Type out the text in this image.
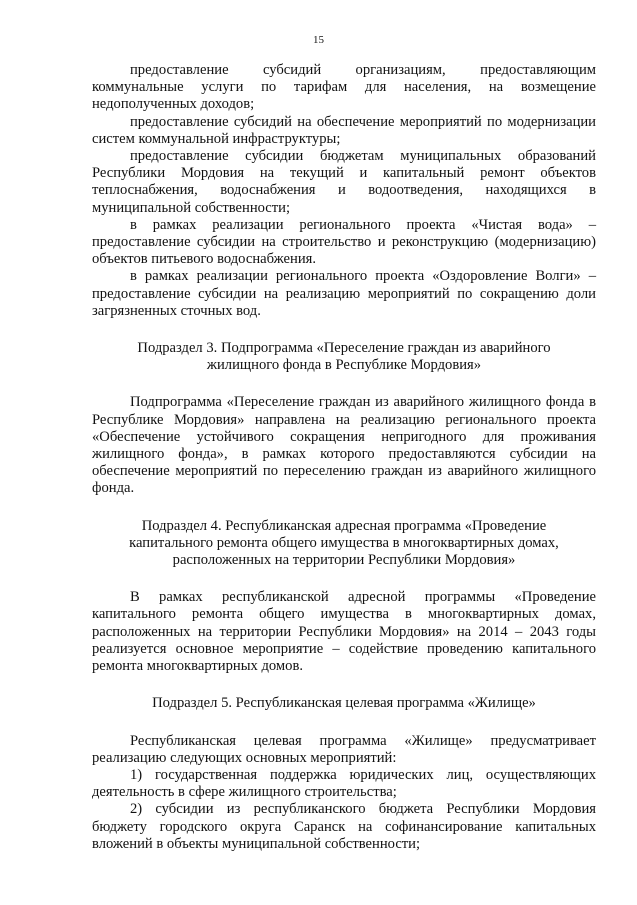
15

предоставление субсидий организациям, предоставляющим коммунальные услуги по тарифам для населения, на возмещение недополученных доходов;

предоставление субсидий на обеспечение мероприятий по модернизации систем коммунальной инфраструктуры;

предоставление субсидии бюджетам муниципальных образований Республики Мордовия на текущий и капитальный ремонт объектов теплоснабжения, водоснабжения и водоотведения, находящихся в муниципальной собственности;

в рамках реализации регионального проекта «Чистая вода» – предоставление субсидии на строительство и реконструкцию (модернизацию) объектов питьевого водоснабжения.

в рамках реализации регионального проекта «Оздоровление Волги» – предоставление субсидии на реализацию мероприятий по сокращению доли загрязненных сточных вод.

Подраздел 3. Подпрограмма «Переселение граждан из аварийного жилищного фонда в Республике Мордовия»

Подпрограмма «Переселение граждан из аварийного жилищного фонда в Республике Мордовия» направлена на реализацию регионального проекта «Обеспечение устойчивого сокращения непригодного для проживания жилищного фонда», в рамках которого предоставляются субсидии на обеспечение мероприятий по переселению граждан из аварийного жилищного фонда.

Подраздел 4. Республиканская адресная программа «Проведение капитального ремонта общего имущества в многоквартирных домах, расположенных на территории Республики Мордовия»

В рамках республиканской адресной программы «Проведение капитального ремонта общего имущества в многоквартирных домах, расположенных на территории Республики Мордовия» на 2014 – 2043 годы реализуется основное мероприятие – содействие проведению капитального ремонта многоквартирных домов.

Подраздел 5. Республиканская целевая программа «Жилище»

Республиканская целевая программа «Жилище» предусматривает реализацию следующих основных мероприятий:

1) государственная поддержка юридических лиц, осуществляющих деятельность в сфере жилищного строительства;

2) субсидии из республиканского бюджета Республики Мордовия бюджету городского округа Саранск на софинансирование капитальных вложений в объекты муниципальной собственности;
